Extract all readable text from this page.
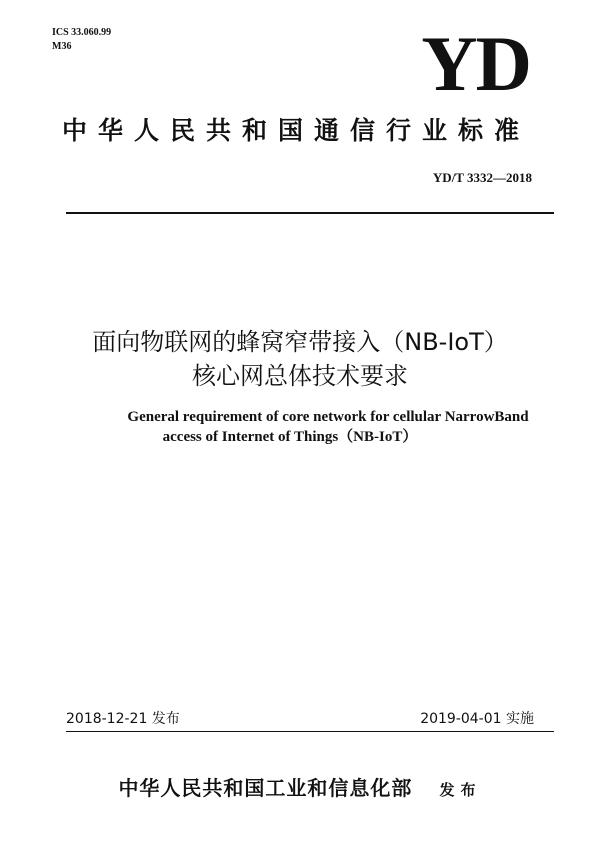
ICS 33.060.99
M36	YD
中华人民共和国通信行业标准
YD/T 3332—2018
面向物联网的蜂窝窄带接入（NB-IoT）
核心网总体技术要求
General requirement of core network for cellular NarrowBand
access of Internet of Things（NB-IoT）
2018-12-21 发布	2019-04-01 实施
中华人民共和国工业和信息化部 发布
